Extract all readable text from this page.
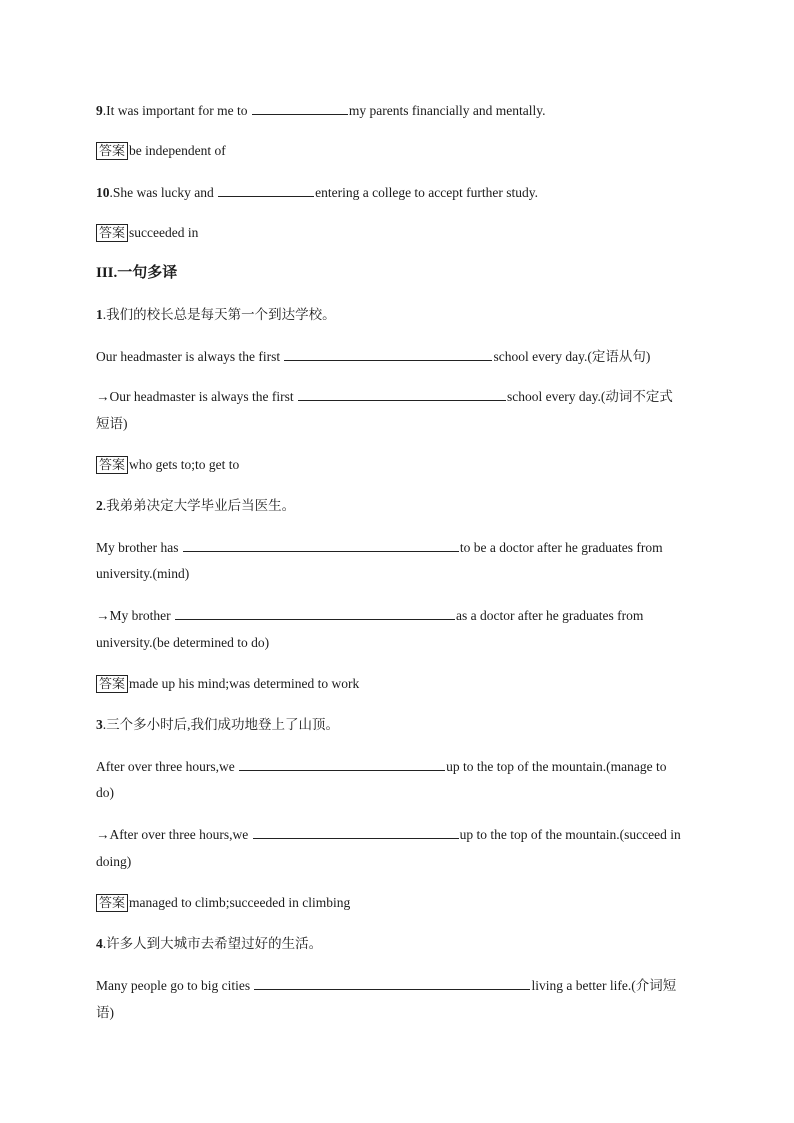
9.It was important for me to	my parents financially and mentally.
答案 be independent of
10.She was lucky and	entering a college to accept further study.
答案 succeeded in
III.一句多译
1.我们的校长总是每天第一个到达学校。
Our headmaster is always the first	school every day.(定语从句)
→Our headmaster is always the first	school every day.(动词不定式
短语)
答案 who gets to;to get to
2.我弟弟决定大学毕业后当医生。
My brother has	to be a doctor after he graduates from
university.(mind)
→My brother	as a doctor after he graduates from
university.(be determined to do)
答案 made up his mind;was determined to work
3.三个多小时后,我们成功地登上了山顶。
After over three hours,we	up to the top of the mountain.(manage to
do)
→After over three hours,we	up to the top of the mountain.(succeed in
doing)
答案 managed to climb;succeeded in climbing
4.许多人到大城市去希望过好的生活。
Many people go to big cities	living a better life.(介词短
语)
